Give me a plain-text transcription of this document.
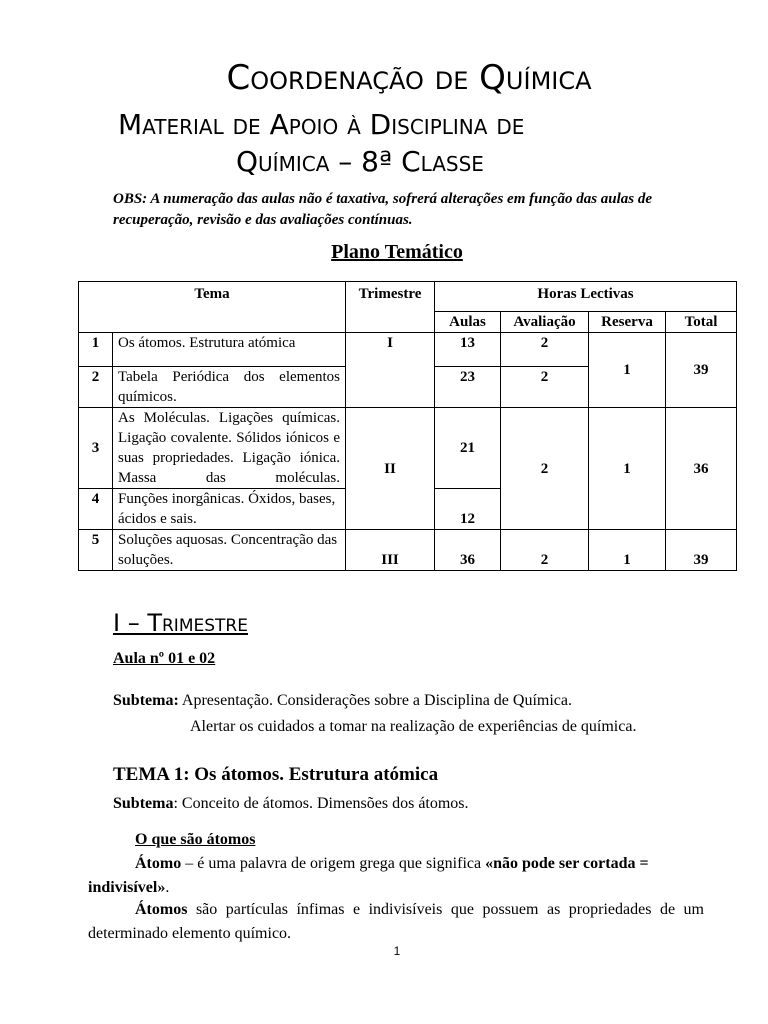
Coordenação de Química
Material de Apoio à Disciplina de
Química – 8ª Classe
OBS: A numeração das aulas não é taxativa, sofrerá alterações em função das aulas de recuperação, revisão e das avaliações contínuas.
Plano Temático
Tema		Trimestre	Horas Lectivas			
			Aulas	Avaliação	Reserva	Total
1	Os átomos. Estrutura atómica	I	13	2	1	39
2	Tabela Periódica dos elementos químicos.		23	2		
3	As Moléculas. Ligações químicas. Ligação covalente. Sólidos iónicos e suas propriedades. Ligação iónica. Massa das moléculas.	II	21	2	1	36
4	Funções inorgânicas. Óxidos, bases, ácidos e sais.		12			
5	Soluções aquosas. Concentração das soluções.	III	36	2	1	39
I – Trimestre
Aula nº 01 e 02
Subtema: Apresentação. Considerações sobre a Disciplina de Química.
Alertar os cuidados a tomar na realização de experiências de química.
TEMA 1: Os átomos. Estrutura atómica
Subtema: Conceito de átomos. Dimensões dos átomos.
O que são átomos
Átomo – é uma palavra de origem grega que significa «não pode ser cortada = indivisível».
Átomos são partículas ínfimas e indivisíveis que possuem as propriedades de um determinado elemento químico.
1
